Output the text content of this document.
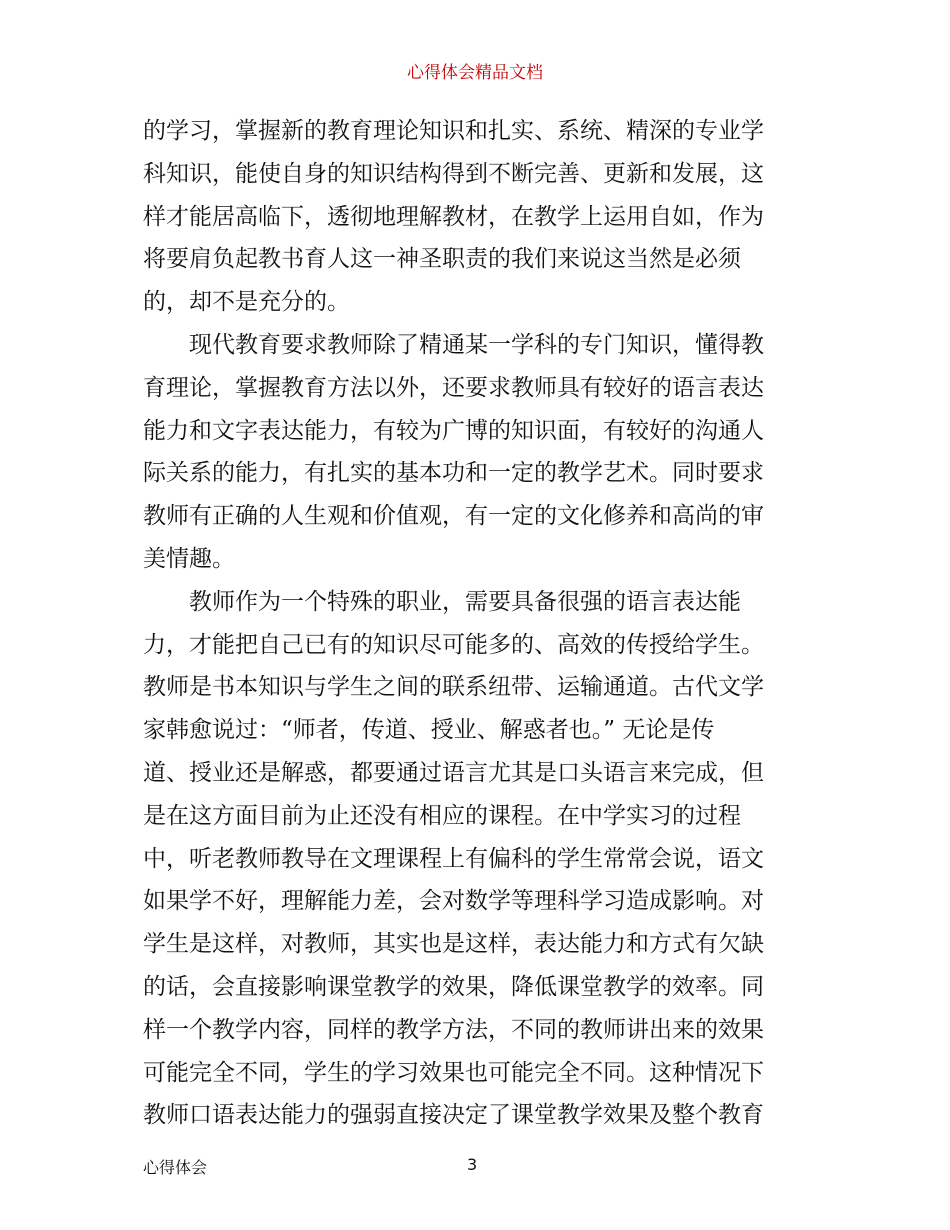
心得体会精品文档
的学习，掌握新的教育理论知识和扎实、系统、精深的专业学
科知识，能使自身的知识结构得到不断完善、更新和发展，这
样才能居高临下，透彻地理解教材，在教学上运用自如，作为
将要肩负起教书育人这一神圣职责的我们来说这当然是必须
的，却不是充分的。
现代教育要求教师除了精通某一学科的专门知识，懂得教
育理论，掌握教育方法以外，还要求教师具有较好的语言表达
能力和文字表达能力，有较为广博的知识面，有较好的沟通人
际关系的能力，有扎实的基本功和一定的教学艺术。同时要求
教师有正确的人生观和价值观，有一定的文化修养和高尚的审
美情趣。
教师作为一个特殊的职业，需要具备很强的语言表达能
力，才能把自己已有的知识尽可能多的、高效的传授给学生。
教师是书本知识与学生之间的联系纽带、运输通道。古代文学
家韩愈说过：“师者，传道、授业、解惑者也。” 无论是传
道、授业还是解惑，都要通过语言尤其是口头语言来完成，但
是在这方面目前为止还没有相应的课程。在中学实习的过程
中，听老教师教导在文理课程上有偏科的学生常常会说，语文
如果学不好，理解能力差，会对数学等理科学习造成影响。对
学生是这样，对教师，其实也是这样，表达能力和方式有欠缺
的话，会直接影响课堂教学的效果，降低课堂教学的效率。同
样一个教学内容，同样的教学方法，不同的教师讲出来的效果
可能完全不同，学生的学习效果也可能完全不同。这种情况下
教师口语表达能力的强弱直接决定了课堂教学效果及整个教育
心得体会	3
